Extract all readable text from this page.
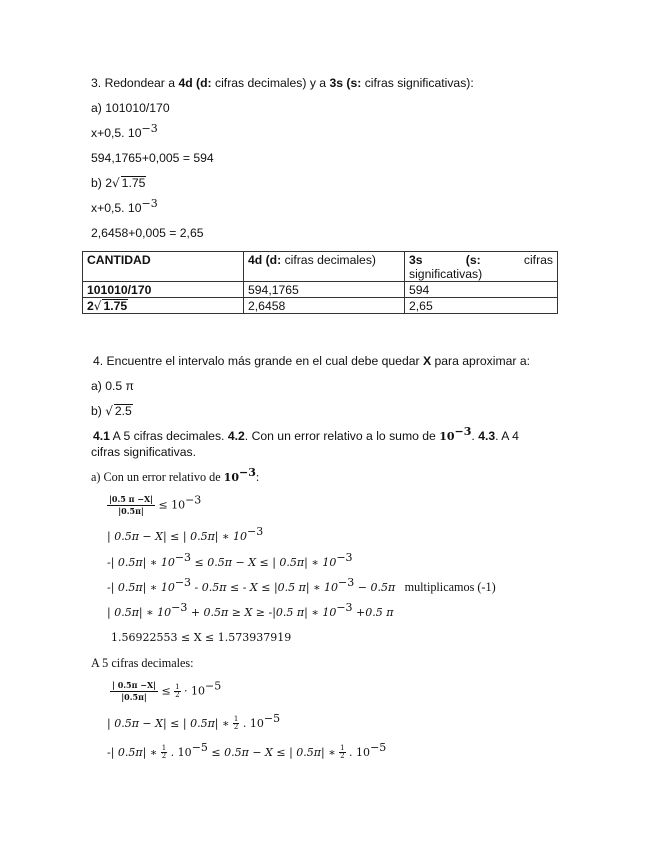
3. Redondear a 4d (d: cifras decimales) y a 3s (s: cifras significativas):
a) 101010/170
x+0,5. $10^{-3}$
594,1765+0,005 = 594
b) 2√ 1.75
x+0,5. $10^{-3}$
2,6458+0,005 = 2,65
CANTIDAD	4d (d: cifras decimales)	3s (s: cifras
significativas)

101010/170	594,1765	594
2√ 1.75	2,6458	2,65
4. Encuentre el intervalo más grande en el cual debe quedar X para aproximar a:
a) 0.5 π
b) √ 2.5
4.1 A 5 cifras decimales. 4.2. Con un error relativo a lo sumo de $10^{-3}$. 4.3. A 4
cifras significativas.
a) Con un error relativo de $10^{-3}$:
$\frac{|0.5 \pi -X|}{|0.5\pi|} \le 10^{-3}$
| 0.5π − X| ≤ | 0.5π| ∗ $10^{-3}$
-| 0.5π| ∗ $10^{-3} \le 0.5\pi - X$ ≤ | 0.5π| ∗ $10^{-3}$
-| 0.5π| ∗ $10^{-3} - 0.5\pi$ ≤ - X ≤ |0.5 π| ∗ $10^{-3} - 0.5\pi$ multiplicamos (-1)
| 0.5π| ∗ $10^{-3} + 0.5\pi \ge X \ge -|0.5$ π| ∗ $10^{-3} +0.5$ π
1.56922553 ≤ X ≤ 1.573937919
A 5 cifras decimales:
$\frac{| 0.5\pi -X|}{|0.5\pi|} \le \frac{1}{2} \cdot 10^{-5}$
| 0.5π − X| ≤ | 0.5π| ∗ $\frac{1}{2}$ . $10^{-5}$
-| 0.5π| ∗ $\frac{1}{2}$ . $10^{-5} \le 0.5\pi - X$ ≤ | 0.5π| ∗ $\frac{1}{2}$ . $10^{-5}$
